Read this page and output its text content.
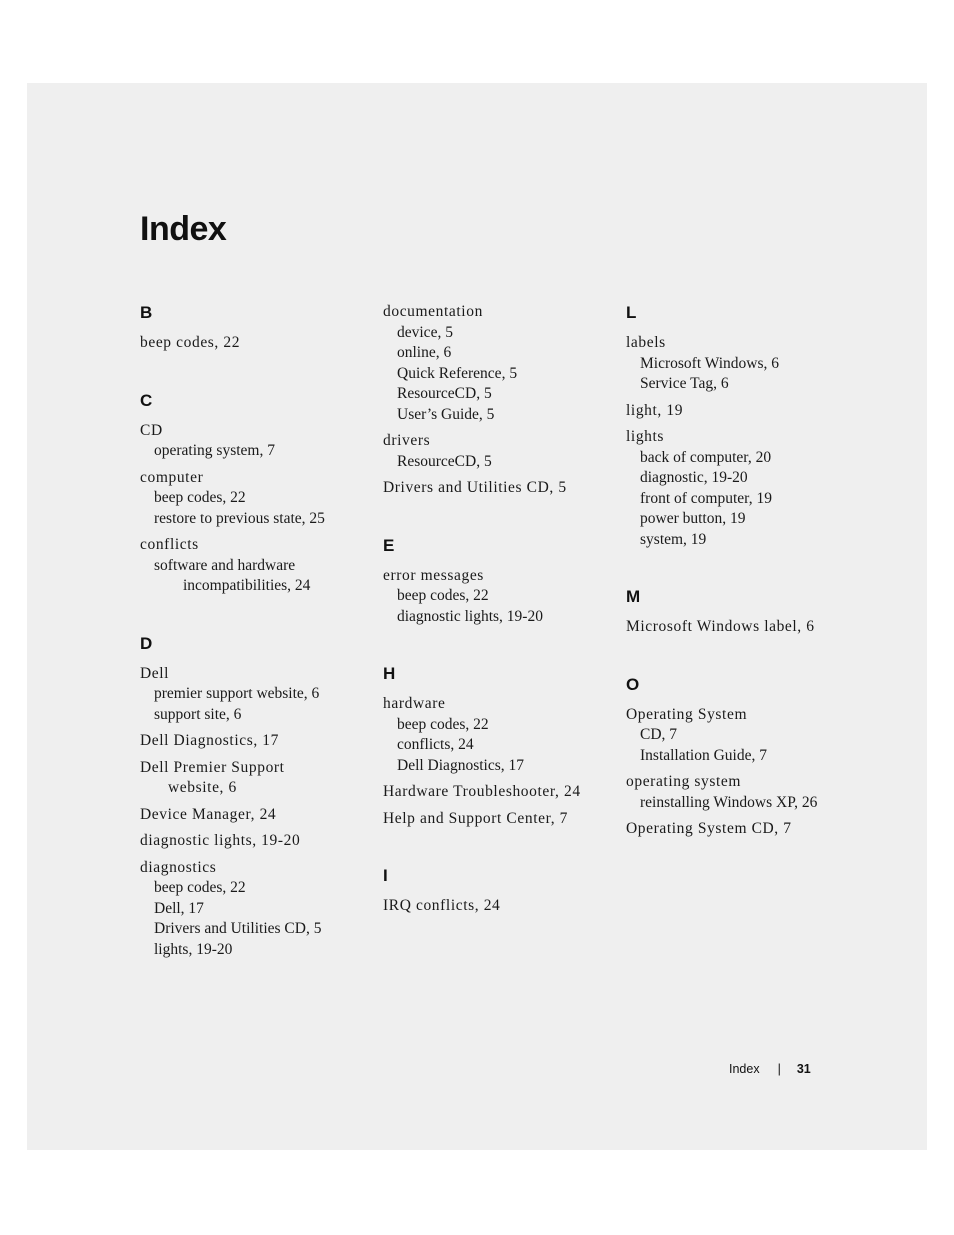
Index
B
beep codes, 22
C
CD
operating system, 7
computer
beep codes, 22
restore to previous state, 25
conflicts
software and hardware
incompatibilities, 24
D
Dell
premier support website, 6
support site, 6
Dell Diagnostics, 17
Dell Premier Support
website, 6
Device Manager, 24
diagnostic lights, 19-20
diagnostics
beep codes, 22
Dell, 17
Drivers and Utilities CD, 5
lights, 19-20
documentation
device, 5
online, 6
Quick Reference, 5
ResourceCD, 5
User’s Guide, 5
drivers
ResourceCD, 5
Drivers and Utilities CD, 5
E
error messages
beep codes, 22
diagnostic lights, 19-20
H
hardware
beep codes, 22
conflicts, 24
Dell Diagnostics, 17
Hardware Troubleshooter, 24
Help and Support Center, 7
I
IRQ conflicts, 24
L
labels
Microsoft Windows, 6
Service Tag, 6
light, 19
lights
back of computer, 20
diagnostic, 19-20
front of computer, 19
power button, 19
system, 19
M
Microsoft Windows label, 6
O
Operating System
CD, 7
Installation Guide, 7
operating system
reinstalling Windows XP, 26
Operating System CD, 7
Index | 31
